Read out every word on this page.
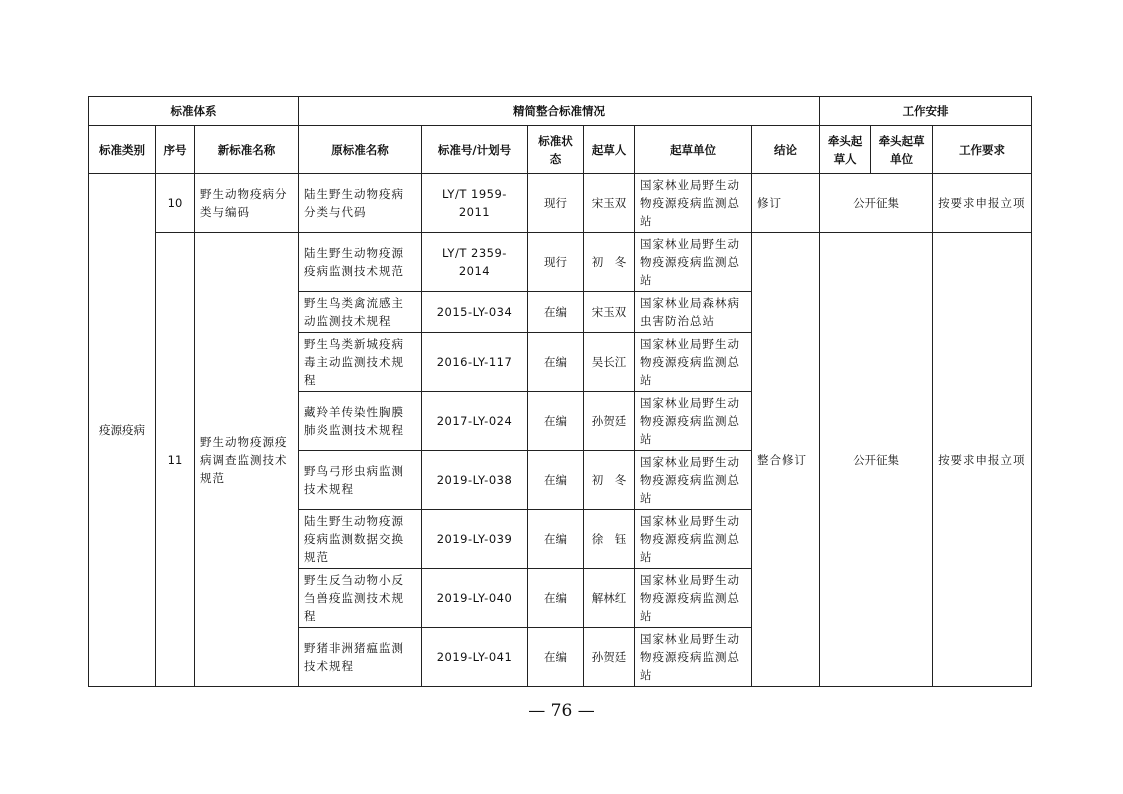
标准体系			精简整合标准情况						工作安排		
标准类别	序号	新标准名称	原标准名称	标准号/计划号	标准状态	起草人	起草单位	结论	牵头起草人	牵头起草单位	工作要求
疫源疫病	10	野生动物疫病分类与编码	陆生野生动物疫病分类与代码	LY/T 1959-2011	现行	宋玉双	国家林业局野生动物疫源疫病监测总站	修订	公开征集		按要求申报立项
	11	野生动物疫源疫病调查监测技术规范	陆生野生动物疫源疫病监测技术规范	LY/T 2359-2014	现行	初　冬	国家林业局野生动物疫源疫病监测总站	整合修订	公开征集		按要求申报立项
			野生鸟类禽流感主动监测技术规程	2015-LY-034	在编	宋玉双	国家林业局森林病虫害防治总站				
			野生鸟类新城疫病毒主动监测技术规程	2016-LY-117	在编	吴长江	国家林业局野生动物疫源疫病监测总站				
			藏羚羊传染性胸膜肺炎监测技术规程	2017-LY-024	在编	孙贺廷	国家林业局野生动物疫源疫病监测总站				
			野鸟弓形虫病监测技术规程	2019-LY-038	在编	初　冬	国家林业局野生动物疫源疫病监测总站				
			陆生野生动物疫源疫病监测数据交换规范	2019-LY-039	在编	徐　钰	国家林业局野生动物疫源疫病监测总站				
			野生反刍动物小反刍兽疫监测技术规程	2019-LY-040	在编	解林红	国家林业局野生动物疫源疫病监测总站				
			野猪非洲猪瘟监测技术规程	2019-LY-041	在编	孙贺廷	国家林业局野生动物疫源疫病监测总站				
— 76 —
